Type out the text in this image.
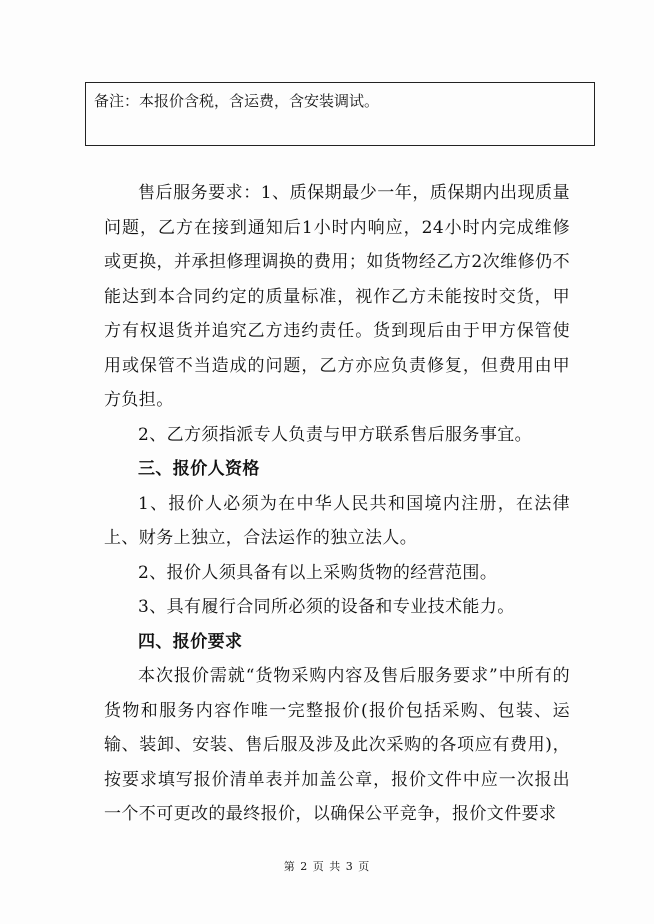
备注：本报价含税，含运费，含安装调试。

售后服务要求：1、质保期最少一年，质保期内出现质量问题，乙方在接到通知后1小时内响应，24小时内完成维修或更换，并承担修理调换的费用；如货物经乙方2次维修仍不能达到本合同约定的质量标准，视作乙方未能按时交货，甲方有权退货并追究乙方违约责任。货到现后由于甲方保管使用或保管不当造成的问题，乙方亦应负责修复，但费用由甲方负担。

2、乙方须指派专人负责与甲方联系售后服务事宜。

三、报价人资格

1、报价人必须为在中华人民共和国境内注册，在法律上、财务上独立，合法运作的独立法人。

2、报价人须具备有以上采购货物的经营范围。

3、具有履行合同所必须的设备和专业技术能力。

四、报价要求

本次报价需就“货物采购内容及售后服务要求”中所有的货物和服务内容作唯一完整报价(报价包括采购、包装、运输、装卸、安装、售后服及涉及此次采购的各项应有费用)，按要求填写报价清单表并加盖公章，报价文件中应一次报出一个不可更改的最终报价，以确保公平竞争，报价文件要求

第 2 页 共 3 页
